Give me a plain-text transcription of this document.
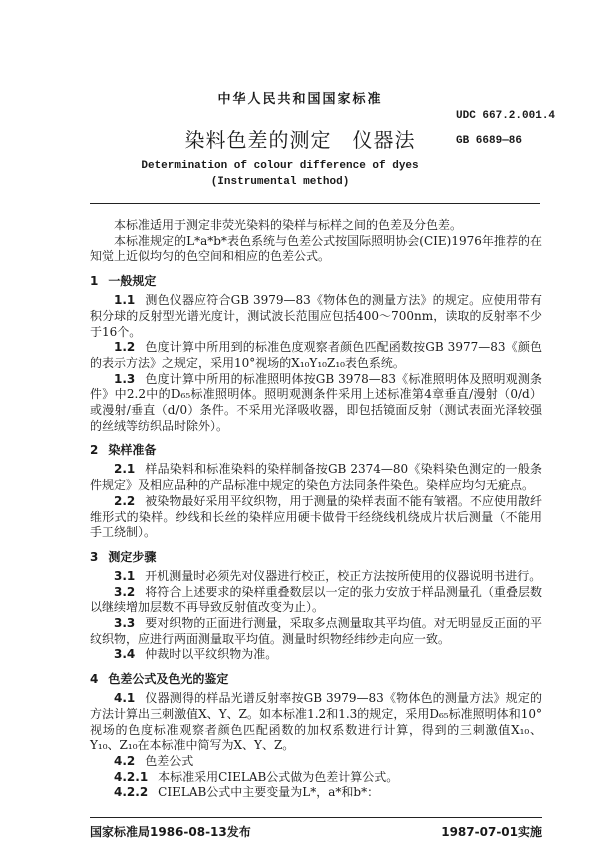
中华人民共和国国家标准
UDC 667.2.001.4
染料色差的测定　仪器法	GB 6689—86
Determination of colour difference of dyes
(Instrumental method)

本标准适用于测定非荧光染料的染样与标样之间的色差及分色差。

本标准规定的L*a*b*表色系统与色差公式按国际照明协会(CIE)1976年推荐的在知觉上近似均匀的色空间和相应的色差公式。

1 一般规定

1.1 测色仪器应符合GB 3979—83《物体色的测量方法》的规定。应使用带有积分球的反射型光谱光度计，测试波长范围应包括400～700nm，读取的反射率不少于16个。

1.2 色度计算中所用到的标准色度观察者颜色匹配函数按GB 3977—83《颜色的表示方法》之规定，采用10°视场的X₁₀Y₁₀Z₁₀表色系统。

1.3 色度计算中所用的标准照明体按GB 3978—83《标准照明体及照明观测条件》中2.2中的D₆₅标准照明体。照明观测条件采用上述标准第4章垂直/漫射（0/d）或漫射/垂直（d/0）条件。不采用光泽吸收器，即包括镜面反射（测试表面光泽较强的丝绒等纺织品时除外）。

2 染样准备

2.1 样品染料和标准染料的染样制备按GB 2374—80《染料染色测定的一般条件规定》及相应品种的产品标准中规定的染色方法同条件染色。染样应均匀无疵点。

2.2 被染物最好采用平纹织物，用于测量的染样表面不能有皱褶。不应使用散纤维形式的染样。纱线和长丝的染样应用硬卡做骨干经绕线机绕成片状后测量（不能用手工绕制）。

3 测定步骤

3.1 开机测量时必须先对仪器进行校正，校正方法按所使用的仪器说明书进行。

3.2 将符合上述要求的染样重叠数层以一定的张力安放于样品测量孔（重叠层数以继续增加层数不再导致反射值改变为止）。

3.3 要对织物的正面进行测量，采取多点测量取其平均值。对无明显反正面的平纹织物，应进行两面测量取平均值。测量时织物经纬纱走向应一致。

3.4 仲裁时以平纹织物为准。

4 色差公式及色光的鉴定

4.1 仪器测得的样品光谱反射率按GB 3979—83《物体色的测量方法》规定的方法计算出三刺激值X、Y、Z。如本标准1.2和1.3的规定，采用D₆₅标准照明体和10°视场的色度标准观察者颜色匹配函数的加权系数进行计算，得到的三刺激值X₁₀、Y₁₀、Z₁₀在本标准中简写为X、Y、Z。

4.2 色差公式

4.2.1 本标准采用CIELAB公式做为色差计算公式。

4.2.2 CIELAB公式中主要变量为L*，a*和b*：

国家标准局1986-08-13发布	1987-07-01实施
